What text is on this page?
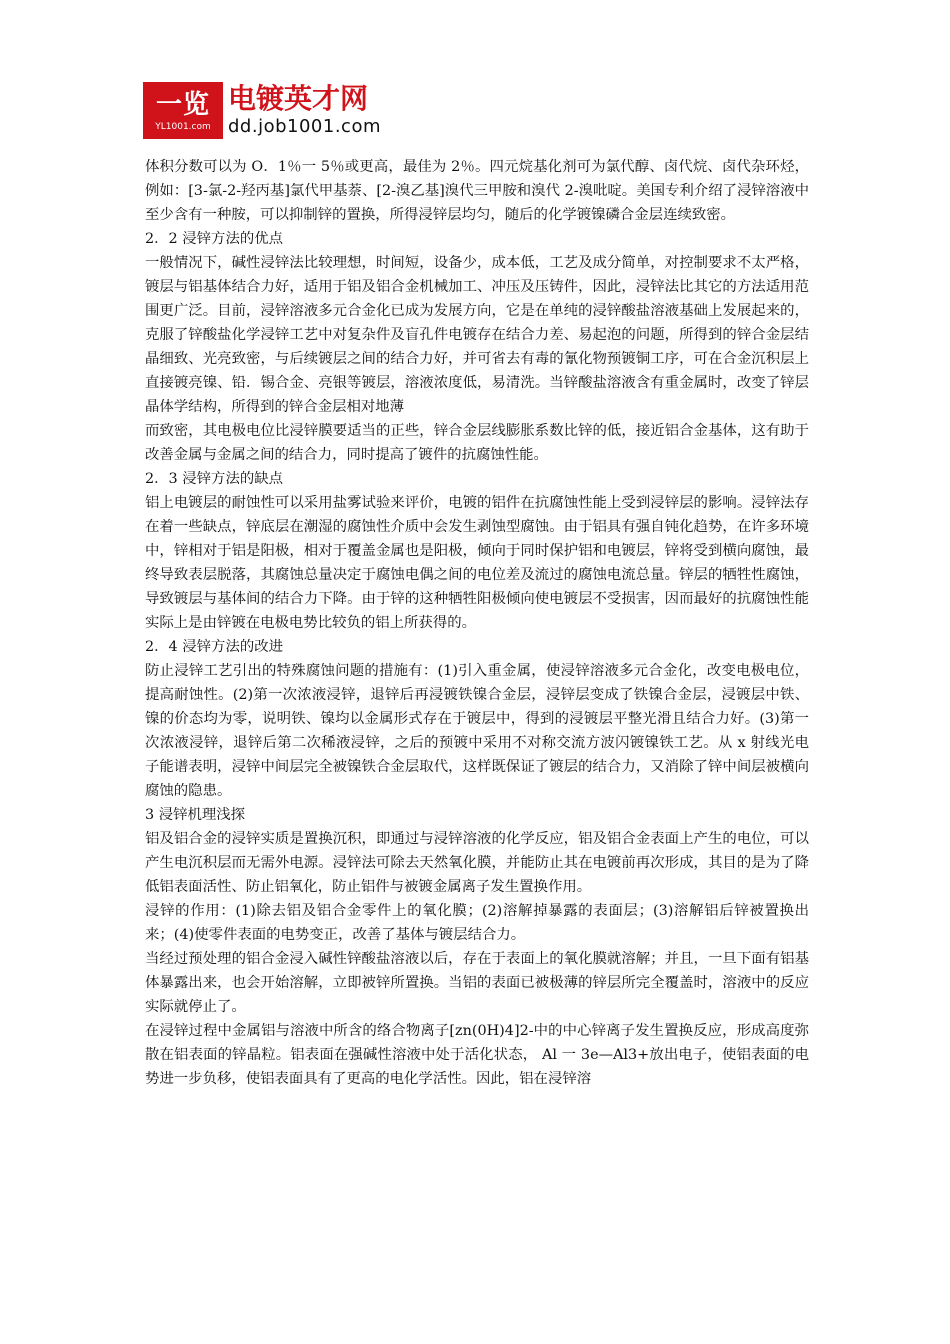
一览
YL1001.com
电镀英才网
dd.job1001.com

体积分数可以为 O．1％一 5％或更高，最佳为 2％。四元烷基化剂可为氯代醇、卤代烷、卤代杂环烃，例如：[3-氯-2-羟丙基]氯代甲基萘、[2-溴乙基]溴代三甲胺和溴代 2-溴吡啶。美国专利介绍了浸锌溶液中至少含有一种胺，可以抑制锌的置换，所得浸锌层均匀，随后的化学镀镍磷合金层连续致密。

2．2 浸锌方法的优点

一般情况下，碱性浸锌法比较理想，时间短，设备少，成本低，工艺及成分简单，对控制要求不太严格，镀层与铝基体结合力好，适用于铝及铝合金机械加工、冲压及压铸件，因此，浸锌法比其它的方法适用范围更广泛。目前，浸锌溶液多元合金化已成为发展方向，它是在单纯的浸锌酸盐溶液基础上发展起来的，克服了锌酸盐化学浸锌工艺中对复杂件及盲孔件电镀存在结合力差、易起泡的问题，所得到的锌合金层结晶细致、光亮致密，与后续镀层之间的结合力好，并可省去有毒的氰化物预镀铜工序，可在合金沉积层上直接镀亮镍、铅．锡合金、亮银等镀层，溶液浓度低，易清洗。当锌酸盐溶液含有重金属时，改变了锌层晶体学结构，所得到的锌合金层相对地薄

而致密，其电极电位比浸锌膜要适当的正些，锌合金层线膨胀系数比锌的低，接近铝合金基体，这有助于改善金属与金属之间的结合力，同时提高了镀件的抗腐蚀性能。

2．3 浸锌方法的缺点

铝上电镀层的耐蚀性可以采用盐雾试验来评价，电镀的铝件在抗腐蚀性能上受到浸锌层的影响。浸锌法存在着一些缺点，锌底层在潮湿的腐蚀性介质中会发生剥蚀型腐蚀。由于铝具有强自钝化趋势，在许多环境中，锌相对于铝是阳极，相对于覆盖金属也是阳极，倾向于同时保护铝和电镀层，锌将受到横向腐蚀，最终导致表层脱落，其腐蚀总量决定于腐蚀电偶之间的电位差及流过的腐蚀电流总量。锌层的牺牲性腐蚀，导致镀层与基体间的结合力下降。由于锌的这种牺牲阳极倾向使电镀层不受损害，因而最好的抗腐蚀性能实际上是由锌镀在电极电势比较负的铝上所获得的。

2．4 浸锌方法的改进

防止浸锌工艺引出的特殊腐蚀问题的措施有：(1)引入重金属，使浸锌溶液多元合金化，改变电极电位，提高耐蚀性。(2)第一次浓液浸锌，退锌后再浸镀铁镍合金层，浸锌层变成了铁镍合金层，浸镀层中铁、镍的价态均为零，说明铁、镍均以金属形式存在于镀层中，得到的浸镀层平整光滑且结合力好。(3)第一次浓液浸锌，退锌后第二次稀液浸锌，之后的预镀中采用不对称交流方波闪镀镍铁工艺。从 x 射线光电子能谱表明，浸锌中间层完全被镍铁合金层取代，这样既保证了镀层的结合力，又消除了锌中间层被横向腐蚀的隐患。

3 浸锌机理浅探

铝及铝合金的浸锌实质是置换沉积，即通过与浸锌溶液的化学反应，铝及铝合金表面上产生的电位，可以产生电沉积层而无需外电源。浸锌法可除去天然氧化膜，并能防止其在电镀前再次形成，其目的是为了降低铝表面活性、防止铝氧化，防止铝件与被镀金属离子发生置换作用。

浸锌的作用：(1)除去铝及铝合金零件上的氧化膜；(2)溶解掉暴露的表面层；(3)溶解铝后锌被置换出来；(4)使零件表面的电势变正，改善了基体与镀层结合力。

当经过预处理的铝合金浸入碱性锌酸盐溶液以后，存在于表面上的氧化膜就溶解；并且，一旦下面有铝基体暴露出来，也会开始溶解，立即被锌所置换。当铝的表面已被极薄的锌层所完全覆盖时，溶液中的反应实际就停止了。

在浸锌过程中金属铝与溶液中所含的络合物离子[zn(0H)4]2-中的中心锌离子发生置换反应，形成高度弥散在铝表面的锌晶粒。铝表面在强碱性溶液中处于活化状态， Al 一 3e—Al3+放出电子，使铝表面的电势进一步负移，使铝表面具有了更高的电化学活性。因此，铝在浸锌溶
